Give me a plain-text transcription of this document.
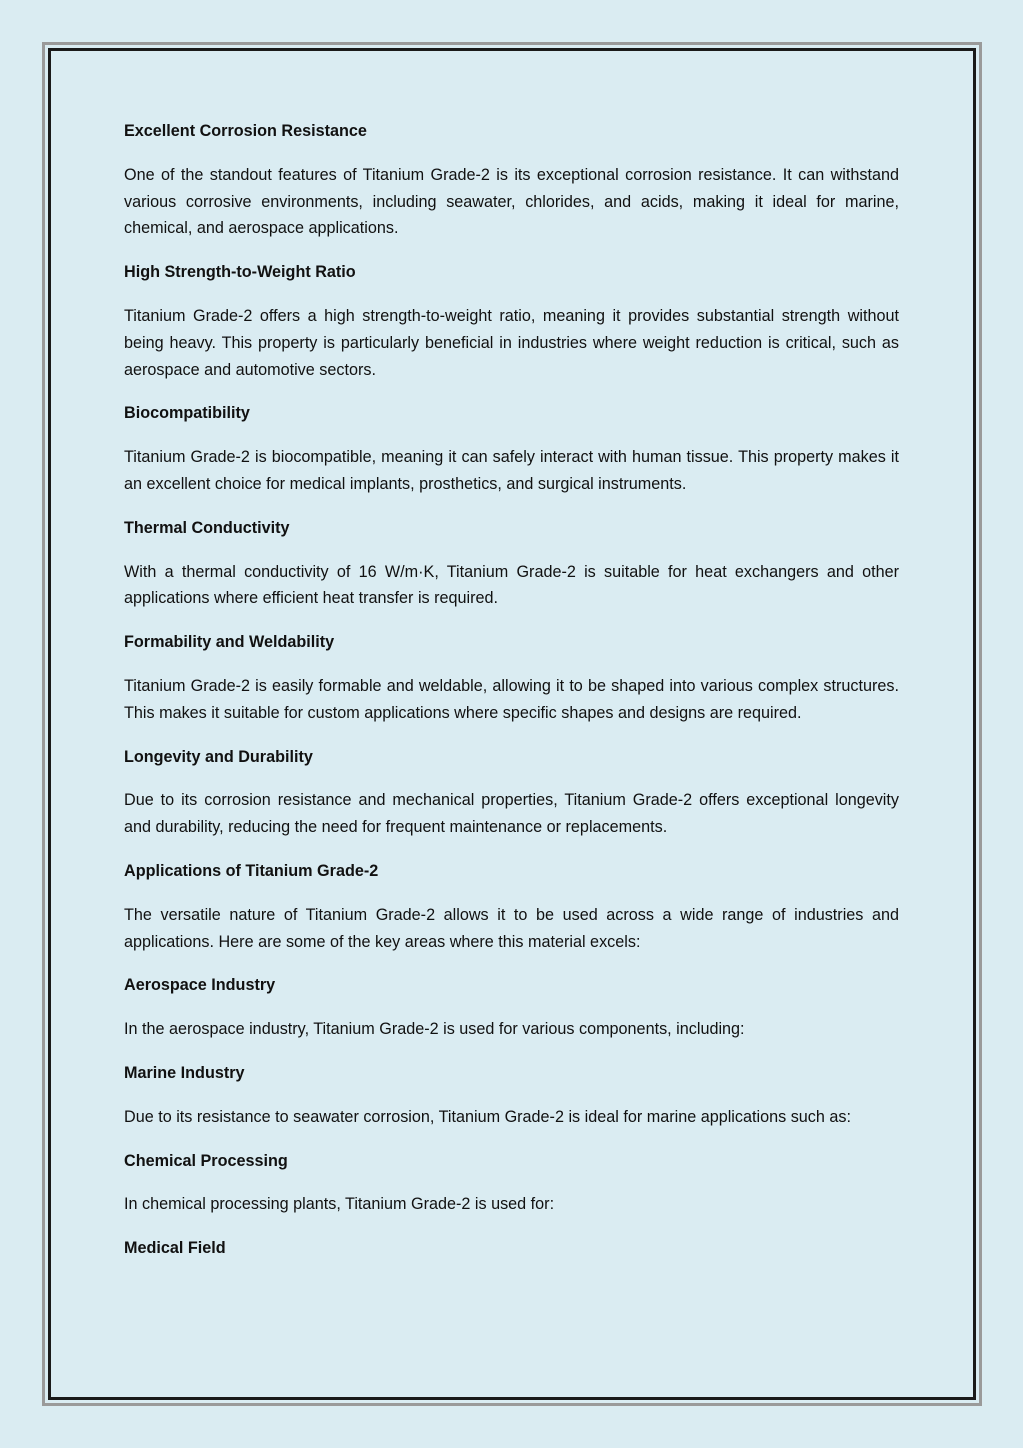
Excellent Corrosion Resistance
One of the standout features of Titanium Grade-2 is its exceptional corrosion resistance. It can withstand various corrosive environments, including seawater, chlorides, and acids, making it ideal for marine, chemical, and aerospace applications.
High Strength-to-Weight Ratio
Titanium Grade-2 offers a high strength-to-weight ratio, meaning it provides substantial strength without being heavy. This property is particularly beneficial in industries where weight reduction is critical, such as aerospace and automotive sectors.
Biocompatibility
Titanium Grade-2 is biocompatible, meaning it can safely interact with human tissue. This property makes it an excellent choice for medical implants, prosthetics, and surgical instruments.
Thermal Conductivity
With a thermal conductivity of 16 W/m·K, Titanium Grade-2 is suitable for heat exchangers and other applications where efficient heat transfer is required.
Formability and Weldability
Titanium Grade-2 is easily formable and weldable, allowing it to be shaped into various complex structures. This makes it suitable for custom applications where specific shapes and designs are required.
Longevity and Durability
Due to its corrosion resistance and mechanical properties, Titanium Grade-2 offers exceptional longevity and durability, reducing the need for frequent maintenance or replacements.
Applications of Titanium Grade-2
The versatile nature of Titanium Grade-2 allows it to be used across a wide range of industries and applications. Here are some of the key areas where this material excels:
Aerospace Industry
In the aerospace industry, Titanium Grade-2 is used for various components, including:
Marine Industry
Due to its resistance to seawater corrosion, Titanium Grade-2 is ideal for marine applications such as:
Chemical Processing
In chemical processing plants, Titanium Grade-2 is used for:
Medical Field
